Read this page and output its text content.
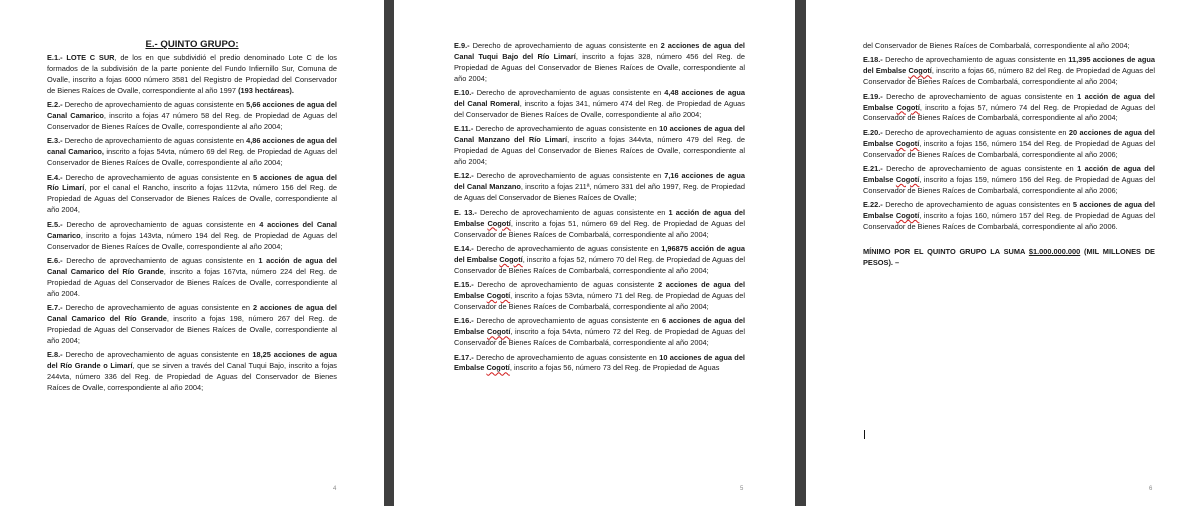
E.- QUINTO GRUPO:
E.1.- LOTE C SUR, de los en que subdividió el predio denominado Lote C de los formados de la subdivisión de la parte poniente del Fundo Infiernillo Sur, Comuna de Ovalle, inscrito a fojas 6000 número 3581 del Registro de Propiedad del Conservador de Bienes Raíces de Ovalle, correspondiente al año 1997 (193 hectáreas).
E.2.- Derecho de aprovechamiento de aguas consistente en 5,66 acciones de agua del Canal Camarico, inscrito a fojas 47 número 58 del Reg. de Propiedad de Aguas del Conservador de Bienes Raíces de Ovalle, correspondiente al año 2004;
E.3.- Derecho de aprovechamiento de aguas consistente en 4,86 acciones de agua del canal Camarico, inscrito a fojas 54vta, número 69 del Reg. de Propiedad de Aguas del Conservador de Bienes Raíces de Ovalle, correspondiente al año 2004;
E.4.- Derecho de aprovechamiento de aguas consistente en 5 acciones de agua del Río Limarí, por el canal el Rancho, inscrito a fojas 112vta, número 156 del Reg. de Propiedad de Aguas del Conservador de Bienes Raíces de Ovalle, correspondiente al año 2004,
E.5.- Derecho de aprovechamiento de aguas consistente en 4 acciones del Canal Camarico, inscrito a fojas 143vta, número 194 del Reg. de Propiedad de Aguas del Conservador de Bienes Raíces de Ovalle, correspondiente al año 2004;
E.6.- Derecho de aprovechamiento de aguas consistente en 1 acción de agua del Canal Camarico del Río Grande, inscrito a fojas 167vta, número 224 del Reg. de Propiedad de Aguas del Conservador de Bienes Raíces de Ovalle, correspondiente al año 2004.
E.7.- Derecho de aprovechamiento de aguas consistente en 2 acciones de agua del Canal Camarico del Río Grande, inscrito a fojas 198, número 267 del Reg. de Propiedad de Aguas del Conservador de Bienes Raíces de Ovalle, correspondiente al año 2004;
E.8.- Derecho de aprovechamiento de aguas consistente en 18,25 acciones de agua del Río Grande o Limarí, que se sirven a través del Canal Tuqui Bajo, inscrito a fojas 244vta, número 336 del Reg. de Propiedad de Aguas del Conservador de Bienes Raíces de Ovalle, correspondiente al año 2004;
4
E.9.- Derecho de aprovechamiento de aguas consistente en 2 acciones de agua del Canal Tuqui Bajo del Río Limarí, inscrito a fojas 328, número 456 del Reg. de Propiedad de Aguas del Conservador de Bienes Raíces de Ovalle, correspondiente al año 2004;
E.10.- Derecho de aprovechamiento de aguas consistente en 4,48 acciones de agua del Canal Romeral, inscrito a fojas 341, número 474 del Reg. de Propiedad de Aguas del Conservador de Bienes Raíces de Ovalle, correspondiente al año 2004;
E.11.- Derecho de aprovechamiento de aguas consistente en 10 acciones de agua del Canal Manzano del Río Limarí, inscrito a fojas 344vta, número 479 del Reg. de Propiedad de Aguas del Conservador de Bienes Raíces de Ovalle, correspondiente al año 2004;
E.12.- Derecho de aprovechamiento de aguas consistente en 7,16 acciones de agua del Canal Manzano, inscrito a fojas 211ª, número 331 del año 1997, Reg. de Propiedad de Aguas del Conservador de Bienes Raíces de Ovalle;
E. 13.- Derecho de aprovechamiento de aguas consistente en 1 acción de agua del Embalse Cogotí, inscrito a fojas 51, número 69 del Reg. de Propiedad de Aguas del Conservador de Bienes Raíces de Combarbalá, correspondiente al año 2004;
E.14.- Derecho de aprovechamiento de aguas consistente en 1,96875 acción de agua del Embalse Cogotí, inscrito a fojas 52, número 70 del Reg. de Propiedad de Aguas del Conservador de Bienes Raíces de Combarbalá, correspondiente al año 2004;
E.15.- Derecho de aprovechamiento de aguas consistente 2 acciones de agua del Embalse Cogotí, inscrito a fojas 53vta, número 71 del Reg. de Propiedad de Aguas del Conservador de Bienes Raíces de Combarbalá, correspondiente al año 2004;
E.16.- Derecho de aprovechamiento de aguas consistente en 6 acciones de agua del Embalse Cogotí, inscrito a foja 54vta, número 72 del Reg. de Propiedad de Aguas del Conservador de Bienes Raíces de Combarbalá, correspondiente al año 2004;
E.17.- Derecho de aprovechamiento de aguas consistente en 10 acciones de agua del Embalse Cogotí, inscrito a fojas 56, número 73 del Reg. de Propiedad de Aguas
5
del Conservador de Bienes Raíces de Combarbalá, correspondiente al año 2004;
E.18.- Derecho de aprovechamiento de aguas consistente en 11,395 acciones de agua del Embalse Cogotí, inscrito a fojas 66, número 82 del Reg. de Propiedad de Aguas del Conservador de Bienes Raíces de Combarbalá, correspondiente al año 2004;
E.19.- Derecho de aprovechamiento de aguas consistente en 1 acción de agua del Embalse Cogotí, inscrito a fojas 57, número 74 del Reg. de Propiedad de Aguas del Conservador de Bienes Raíces de Combarbalá, correspondiente al año 2004;
E.20.- Derecho de aprovechamiento de aguas consistente en 20 acciones de agua del Embalse Cogotí, inscrito a fojas 156, número 154 del Reg. de Propiedad de Aguas del Conservador de Bienes Raíces de Combarbalá, correspondiente al año 2006;
E.21.- Derecho de aprovechamiento de aguas consistente en 1 acción de agua del Embalse Cogotí, inscrito a fojas 159, número 156 del Reg. de Propiedad de Aguas del Conservador de Bienes Raíces de Combarbalá, correspondiente al año 2006;
E.22.- Derecho de aprovechamiento de aguas consistentes en 5 acciones de agua del Embalse Cogotí, inscrito a fojas 160, número 157 del Reg. de Propiedad de Aguas del Conservador de Bienes Raíces de Combarbalá, correspondiente al año 2006.
MÍNIMO POR EL QUINTO GRUPO LA SUMA $1.000.000.000 (MIL MILLONES DE PESOS). –
6
